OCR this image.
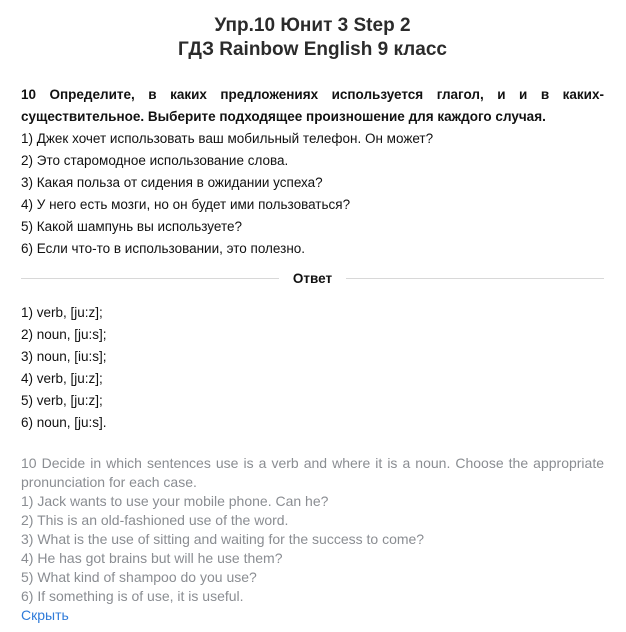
Упр.10 Юнит 3 Step 2
ГДЗ Rainbow English 9 класс
10 Определите, в каких предложениях используется глагол, и и в каких-существительное. Выберите подходящее произношение для каждого случая.
1) Джек хочет использовать ваш мобильный телефон. Он может?
2) Это старомодное использование слова.
3) Какая польза от сидения в ожидании успеха?
4) У него есть мозги, но он будет ими пользоваться?
5) Какой шампунь вы используете?
6) Если что-то в использовании, это полезно.
Ответ
1) verb, [ju:z];
2) noun, [ju:s];
3) noun, [iu:s];
4) verb, [ju:z];
5) verb, [ju:z];
6) noun, [ju:s].
10 Decide in which sentences use is a verb and where it is a noun. Choose the appropriate pronunciation for each case.
1) Jack wants to use your mobile phone. Can he?
2) This is an old-fashioned use of the word.
3) What is the use of sitting and waiting for the success to come?
4) He has got brains but will he use them?
5) What kind of shampoo do you use?
6) If something is of use, it is useful.
Скрыть
